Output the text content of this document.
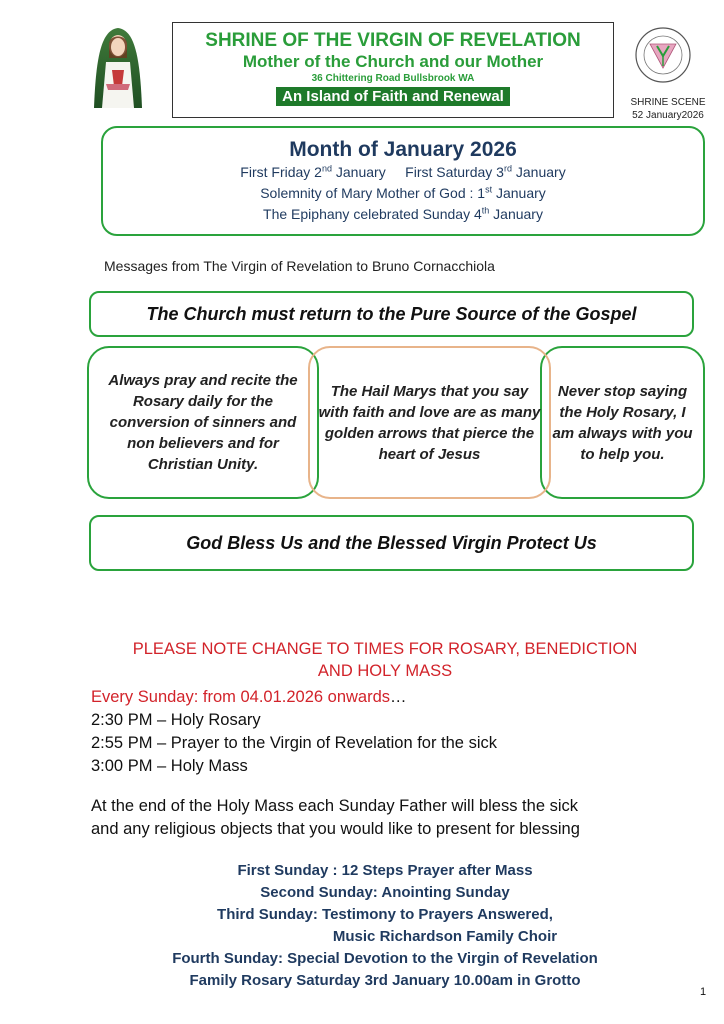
SHRINE OF THE VIRGIN OF REVELATION
Mother of the Church and our Mother
36 Chittering Road Bullsbrook WA
An Island of Faith and Renewal	SHRINE SCENE
52 January2026
Month of January 2026
First Friday 2nd January First Saturday 3rd January
Solemnity of Mary Mother of God : 1st January
The Epiphany celebrated Sunday 4th January
Messages from The Virgin of Revelation to Bruno Cornacchiola
The Church must return to the Pure Source of the Gospel
Always pray and recite the Rosary daily for the conversion of sinners and non believers and for Christian Unity.
Never stop saying the Holy Rosary, I am always with you to help you.
The Hail Marys that you say with faith and love are as many golden arrows that pierce the heart of Jesus
God Bless Us and the Blessed Virgin Protect Us
PLEASE NOTE CHANGE TO TIMES FOR ROSARY, BENEDICTION
AND HOLY MASS
Every Sunday: from 04.01.2026 onwards…
2:30 PM – Holy Rosary
2:55 PM – Prayer to the Virgin of Revelation for the sick
3:00 PM – Holy Mass
At the end of the Holy Mass each Sunday Father will bless the sick
and any religious objects that you would like to present for blessing
First Sunday : 12 Steps Prayer after Mass
Second Sunday: Anointing Sunday
Third Sunday: Testimony to Prayers Answered,
Music Richardson Family Choir
Fourth Sunday: Special Devotion to the Virgin of Revelation
Family Rosary Saturday 3rd January 10.00am in Grotto
1
